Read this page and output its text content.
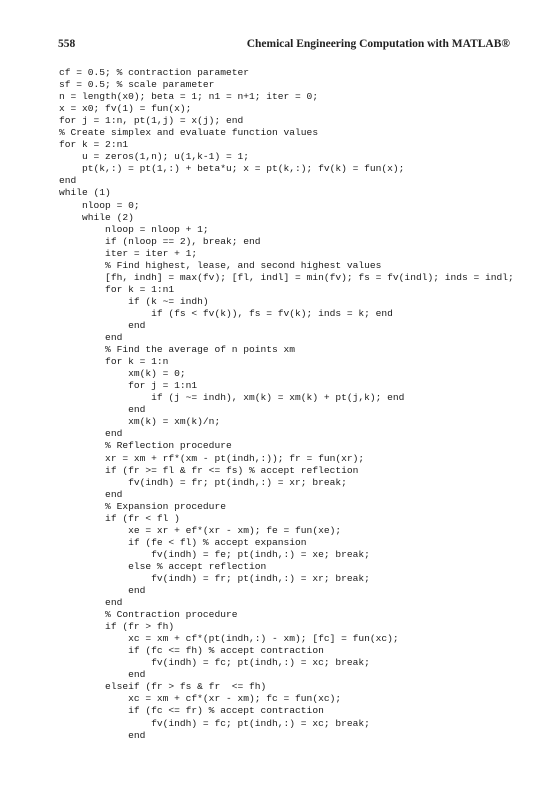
558	Chemical Engineering Computation with MATLAB®
cf = 0.5; % contraction parameter
sf = 0.5; % scale parameter
n = length(x0); beta = 1; n1 = n+1; iter = 0;
x = x0; fv(1) = fun(x);
for j = 1:n, pt(1,j) = x(j); end
% Create simplex and evaluate function values
for k = 2:n1
u = zeros(1,n); u(1,k-1) = 1;
pt(k,:) = pt(1,:) + beta*u; x = pt(k,:); fv(k) = fun(x);
end
while (1)
nloop = 0;
while (2)
nloop = nloop + 1;
if (nloop == 2), break; end
iter = iter + 1;
% Find highest, lease, and second highest values
[fh, indh] = max(fv); [fl, indl] = min(fv); fs = fv(indl); inds = indl;
for k = 1:n1
if (k ~= indh)
if (fs < fv(k)), fs = fv(k); inds = k; end
end
end
% Find the average of n points xm
for k = 1:n
xm(k) = 0;
for j = 1:n1
if (j ~= indh), xm(k) = xm(k) + pt(j,k); end
end
xm(k) = xm(k)/n;
end
% Reflection procedure
xr = xm + rf*(xm - pt(indh,:)); fr = fun(xr);
if (fr >= fl & fr <= fs) % accept reflection
fv(indh) = fr; pt(indh,:) = xr; break;
end
% Expansion procedure
if (fr < fl )
xe = xr + ef*(xr - xm); fe = fun(xe);
if (fe < fl) % accept expansion
fv(indh) = fe; pt(indh,:) = xe; break;
else % accept reflection
fv(indh) = fr; pt(indh,:) = xr; break;
end
end
% Contraction procedure
if (fr > fh)
xc = xm + cf*(pt(indh,:) - xm); [fc] = fun(xc);
if (fc <= fh) % accept contraction
fv(indh) = fc; pt(indh,:) = xc; break;
end
elseif (fr > fs & fr  <= fh)
xc = xm + cf*(xr - xm); fc = fun(xc);
if (fc <= fr) % accept contraction
fv(indh) = fc; pt(indh,:) = xc; break;
end
